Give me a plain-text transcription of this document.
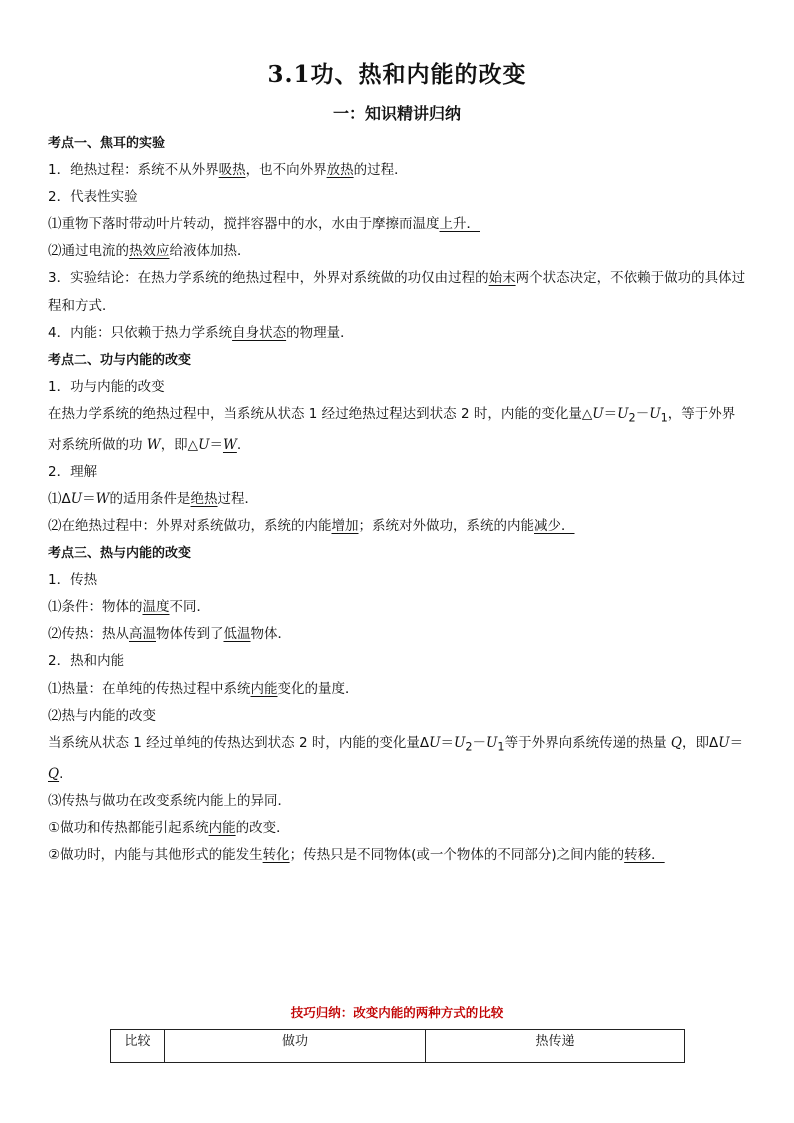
3.1功、热和内能的改变
一：知识精讲归纳
考点一、焦耳的实验
1．绝热过程：系统不从外界吸热，也不向外界放热的过程．
2．代表性实验
⑴重物下落时带动叶片转动，搅拌容器中的水，水由于摩擦而温度上升．
⑵通过电流的热效应给液体加热．
3．实验结论：在热力学系统的绝热过程中，外界对系统做的功仅由过程的始末两个状态决定，不依赖于做功的具体过程和方式．
4．内能：只依赖于热力学系统自身状态的物理量．
考点二、功与内能的改变
1．功与内能的改变
在热力学系统的绝热过程中，当系统从状态 1 经过绝热过程达到状态 2 时，内能的变化量$\triangle U=U_2-U_1$，等于外界对系统所做的功 W，即△U＝W.
2．理解
⑴ΔU＝W的适用条件是绝热过程．
⑵在绝热过程中：外界对系统做功，系统的内能增加；系统对外做功，系统的内能减少．
考点三、热与内能的改变
1．传热
⑴条件：物体的温度不同．
⑵传热：热从高温物体传到了低温物体．
2．热和内能
⑴热量：在单纯的传热过程中系统内能变化的量度．
⑵热与内能的改变
当系统从状态 1 经过单纯的传热达到状态 2 时，内能的变化量$\Delta U=U_2-U_1$等于外界向系统传递的热量 Q，即ΔU＝Q.
⑶传热与做功在改变系统内能上的异同．
①做功和传热都能引起系统内能的改变．
②做功时，内能与其他形式的能发生转化；传热只是不同物体(或一个物体的不同部分)之间内能的转移．
技巧归纳：改变内能的两种方式的比较
比较	做功	热传递
